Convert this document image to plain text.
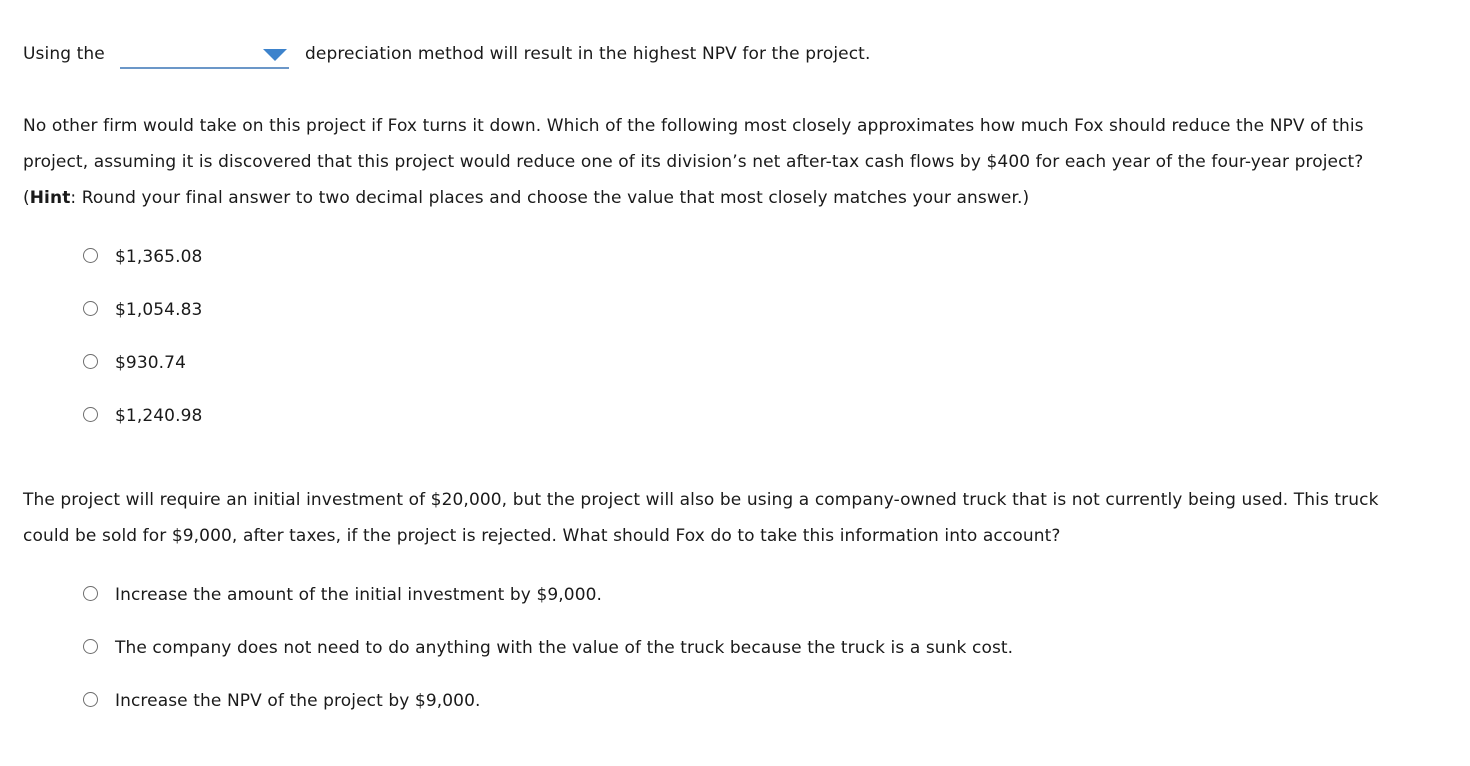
Using the	depreciation method will result in the highest NPV for the project.

No other firm would take on this project if Fox turns it down. Which of the following most closely approximates how much Fox should reduce the NPV of this project, assuming it is discovered that this project would reduce one of its division’s net after-tax cash flows by $400 for each year of the four-year project? (Hint: Round your final answer to two decimal places and choose the value that most closely matches your answer.)

$1,365.08
$1,054.83
$930.74
$1,240.98

The project will require an initial investment of $20,000, but the project will also be using a company-owned truck that is not currently being used. This truck could be sold for $9,000, after taxes, if the project is rejected. What should Fox do to take this information into account?

Increase the amount of the initial investment by $9,000.
The company does not need to do anything with the value of the truck because the truck is a sunk cost.
Increase the NPV of the project by $9,000.
